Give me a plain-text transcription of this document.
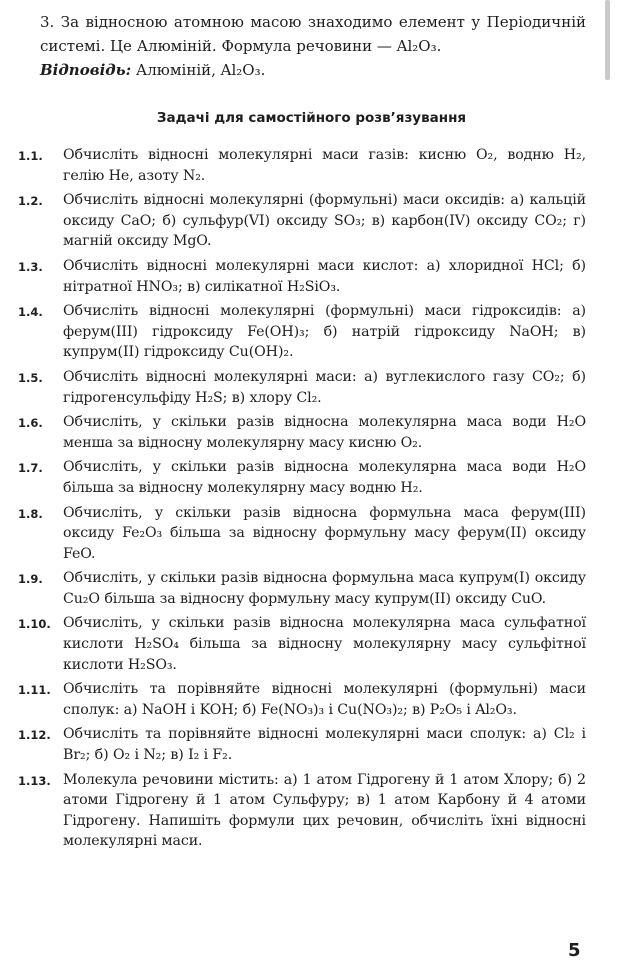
3. За відносною атомною масою знаходимо елемент у Періодичній системі. Це Алюміній. Формула речовини — Al₂O₃.
Відповідь: Алюміній, Al₂O₃.
Задачі для самостійного розв’язування
1.1.	Обчисліть відносні молекулярні маси газів: кисню O₂, водню H₂, гелію He, азоту N₂.
1.2.	Обчисліть відносні молекулярні (формульні) маси оксидів: а) кальцій оксиду CaO; б) сульфур(VI) оксиду SO₃; в) карбон(IV) оксиду CO₂; г) магній оксиду MgO.
1.3.	Обчисліть відносні молекулярні маси кислот: а) хлоридної HCl; б) нітратної HNO₃; в) силікатної H₂SiO₃.
1.4.	Обчисліть відносні молекулярні (формульні) маси гідроксидів: а) ферум(III) гідроксиду Fe(OH)₃; б) натрій гідроксиду NaOH; в) купрум(II) гідроксиду Cu(OH)₂.
1.5.	Обчисліть відносні молекулярні маси: а) вуглекислого газу CO₂; б) гідрогенсульфіду H₂S; в) хлору Cl₂.
1.6.	Обчисліть, у скільки разів відносна молекулярна маса води H₂O менша за відносну молекулярну масу кисню O₂.
1.7.	Обчисліть, у скільки разів відносна молекулярна маса води H₂O більша за відносну молекулярну масу водню H₂.
1.8.	Обчисліть, у скільки разів відносна формульна маса ферум(III) оксиду Fe₂O₃ більша за відносну формульну масу ферум(II) оксиду FeO.
1.9.	Обчисліть, у скільки разів відносна формульна маса купрум(I) оксиду Cu₂O більша за відносну формульну масу купрум(II) оксиду CuO.
1.10. Обчисліть, у скільки разів відносна молекулярна маса сульфатної кислоти H₂SO₄ більша за відносну молекулярну масу сульфітної кислоти H₂SO₃.
1.11. Обчисліть та порівняйте відносні молекулярні (формульні) маси сполук: а) NaOH і KOH; б) Fe(NO₃)₃ і Cu(NO₃)₂; в) P₂O₅ і Al₂O₃.
1.12. Обчисліть та порівняйте відносні молекулярні маси сполук: а) Cl₂ і Br₂; б) O₂ і N₂; в) I₂ і F₂.
1.13. Молекула речовини містить: а) 1 атом Гідрогену й 1 атом Хлору; б) 2 атоми Гідрогену й 1 атом Сульфуру; в) 1 атом Карбону й 4 атоми Гідрогену. Напишіть формули цих речовин, обчисліть їхні відносні молекулярні маси.
5
